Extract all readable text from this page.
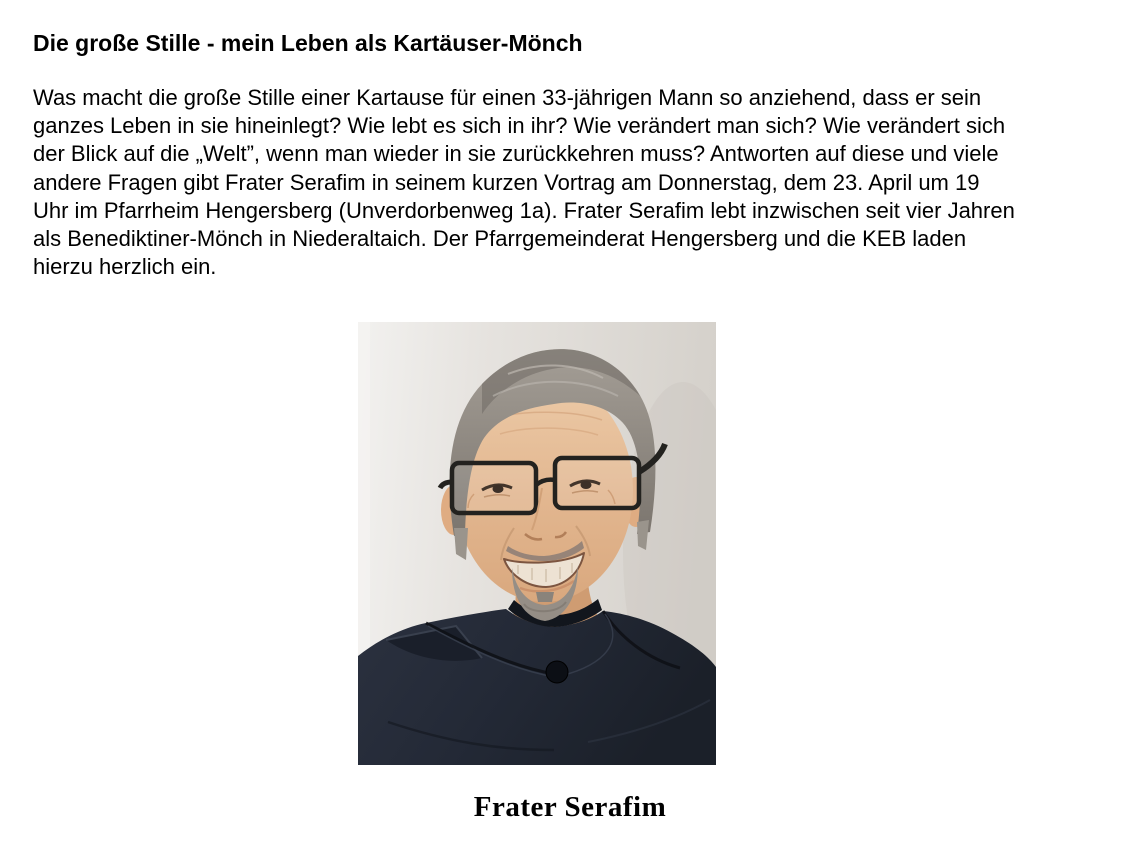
Die große Stille - mein Leben als Kartäuser-Mönch
Was macht die große Stille einer Kartause für einen 33-jährigen Mann so anziehend, dass er sein
ganzes Leben in sie hineinlegt? Wie lebt es sich in ihr? Wie verändert man sich? Wie verändert sich
der Blick auf die „Welt”, wenn man wieder in sie zurückkehren muss? Antworten auf diese und viele
andere Fragen gibt Frater Serafim in seinem kurzen Vortrag am Donnerstag, dem 23. April um 19
Uhr im Pfarrheim Hengersberg (Unverdorbenweg 1a). Frater Serafim lebt inzwischen seit vier Jahren
als Benediktiner-Mönch in Niederaltaich. Der Pfarrgemeinderat Hengersberg und die KEB laden
hierzu herzlich ein.
Frater Serafim
